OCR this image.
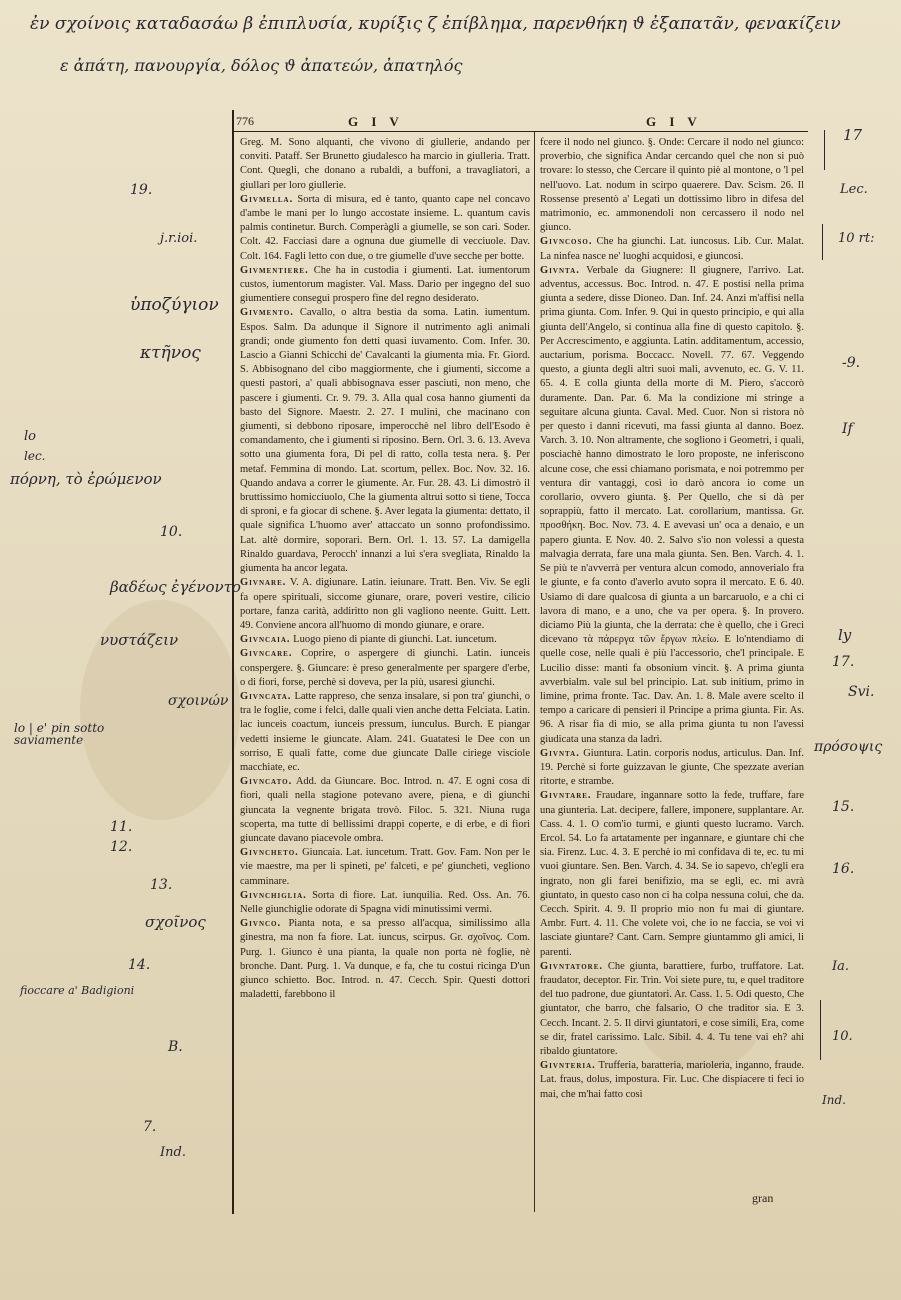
ἐν σχοίνοις καταδασάω β ἐπιπλυσία, κυρίξις ζ ἐπίβλημα, παρενθήκη ϑ ἐξαπατᾶν, φενακίζειν
ε ἀπάτη, πανουργία, δόλος ϑ ἀπατεών, ἀπατηλός
776	G I V	G I V

Greg. M. Sono alquanti, che vivono di giullerie, andando per conviti. Pataff. Ser Brunetto giudalesco ha marcio in giulleria. Tratt. Cont. Quegli, che donano a rubaldi, a buffoni, a travagliatori, a giullari per loro giullerie.

Givmella. Sorta di misura, ed è tanto, quanto cape nel concavo d'ambe le mani per lo lungo accostate insieme. L. quantum cavis palmis continetur. Burch. Comperàgli a giumelle, se son cari. Soder. Colt. 42. Facciasi dare a ognuna due giumelle di vecciuole. Dav. Colt. 164. Fagli letto con due, o tre giumelle d'uve secche per botte.

Givmentiere. Che ha in custodia i giumenti. Lat. iumentorum custos, iumentorum magister. Val. Mass. Dario per ingegno del suo giumentiere conseguì prospero fine del regno desiderato.

Givmento. Cavallo, o altra bestia da soma. Latin. iumentum. Espos. Salm. Da adunque il Signore il nutrimento agli animali grandi; onde giumento fon detti quasi iuvamento. Com. Infer. 30. Lascio a Gianni Schicchi de' Cavalcanti la giumenta mia. Fr. Giord. S. Abbisognano del cibo maggiormente, che i giumenti, siccome a questi pastori, a' quali abbisognava esser pasciuti, non meno, che pascere i giumenti. Cr. 9. 79. 3. Alla qual cosa hanno giumenti da basto del Signore. Maestr. 2. 27. I mulini, che macinano con giumenti, si debbono riposare, imperocchè nel libro dell'Esodo è comandamento, che i giumenti si riposino. Bern. Orl. 3. 6. 13. Aveva sotto una giumenta fora, Di pel di ratto, colla testa nera. §. Per metaf. Femmina di mondo. Lat. scortum, pellex. Boc. Nov. 32. 16. Quando andava a correr le giumente. Ar. Fur. 28. 43. Li dimostrò il bruttissimo homicciuolo, Che la giumenta altrui sotto sì tiene, Tocca di sproni, e fa giocar di schene. §. Aver legata la giumenta: dettato, il quale significa L'huomo aver' attaccato un sonno profondissimo. Lat. altè dormire, soporari. Bern. Orl. 1. 13. 57. La damigella Rinaldo guardava, Perocch' innanzi a lui s'era svegliata, Rinaldo la giumenta ha ancor legata.

Givnare. V. A. digiunare. Latin. ieiunare. Tratt. Ben. Viv. Se egli fa opere spirituali, siccome giunare, orare, poveri vestire, cilicio portare, fanza carità, addiritto non gli vagliono neente. Guitt. Lett. 49. Conviene ancora all'huomo di mondo giunare, e orare.

Givncaia. Luogo pieno di piante di giunchi. Lat. iuncetum.

Givncare. Coprire, o aspergere di giunchi. Latin. iunceis conspergere. §. Giuncare: è preso generalmente per spargere d'erbe, o di fiori, forse, perchè si doveva, per la più, usaresi giunchi.

Givncata. Latte rappreso, che senza insalare, si pon tra' giunchi, o tra le foglie, come i felci, dalle quali vien anche detta Felciata. Latin. lac iunceis coactum, iunceis pressum, iunculus. Burch. E piangar vedetti insieme le giuncate. Alam. 241. Guatatesi le Dee con un sorriso, E quali fatte, come due giuncate Dalle ciriege visciole macchiate, ec.

Givncato. Add. da Giuncare. Boc. Introd. n. 47. E ogni cosa di fiori, quali nella stagione potevano avere, piena, e di giunchi giuncata la vegnente brigata trovò. Filoc. 5. 321. Niuna ruga scoperta, ma tutte di bellissimi drappi coperte, e di erbe, e di fiori giuncate davano piacevole ombra.

Givncheto. Giuncaia. Lat. iuncetum. Tratt. Gov. Fam. Non per le vie maestre, ma per li spineti, pe' falceti, e pe' giuncheti, vegliono camminare.

Givnchiglia. Sorta di fiore. Lat. iunquilia. Red. Oss. An. 76. Nelle giunchiglie odorate di Spagna vidi minutissimi vermi.

Givnco. Pianta nota, e sa presso all'acqua, similissimo alla ginestra, ma non fa fiore. Lat. iuncus, scirpus. Gr. σχοῖνος. Com. Purg. 1. Giunco è una pianta, la quale non porta nè foglie, nè bronche. Dant. Purg. 1. Va dunque, e fa, che tu costui ricinga D'un giunco schietto. Boc. Introd. n. 47. Cecch. Spir. Questi dottori maladetti, farebbono il

fcere il nodo nel giunco. §. Onde: Cercare il nodo nel giunco: proverbio, che significa Andar cercando quel che non si può trovare: lo stesso, che Cercare il quinto piè al montone, o 'l pel nell'uovo. Lat. nodum in scirpo quaerere. Dav. Scism. 26. Il Rossense presentò a' Legati un dottissimo libro in difesa del matrimonio, ec. ammonendoli non cercassero il nodo nel giunco.

Givncoso. Che ha giunchi. Lat. iuncosus. Lib. Cur. Malat. La ninfea nasce ne' luoghi acquidosi, e giuncosi.

Givnta. Verbale da Giugnere: Il giugnere, l'arrivo. Lat. adventus, accessus. Boc. Introd. n. 47. E postisi nella prima giunta a sedere, disse Dioneo. Dan. Inf. 24. Anzi m'affisi nella prima giunta. Com. Infer. 9. Qui in questo principio, e qui alla giunta dell'Angelo, si continua alla fine di questo capitolo. §. Per Accrescimento, e aggiunta. Latin. additamentum, accessio, auctarium, porisma. Boccacc. Novell. 77. 67. Veggendo questo, a giunta degli altri suoi mali, avvenuto, ec. G. V. 11. 65. 4. E colla giunta della morte di M. Piero, s'accorò duramente. Dan. Par. 6. Ma la condizione mi stringe a seguitare alcuna giunta. Caval. Med. Cuor. Non si ristora nò per questo i danni ricevuti, ma fassi giunta al danno. Boez. Varch. 3. 10. Non altramente, che sogliono i Geometri, i quali, posciachè hanno dimostrato le loro proposte, ne inferiscono alcune cose, che essi chiamano porismata, e noi potremmo per ventura dir vantaggi, così io darò ancora io come un corollario, ovvero giunta. §. Per Quello, che si dà per soprappiù, fatto il mercato. Lat. corollarium, mantissa. Gr. προσθήκη. Boc. Nov. 73. 4. E avevasi un' oca a denaio, e un papero giunta. E Nov. 40. 2. Salvo s'io non volessi a questa malvagia derrata, fare una mala giunta. Sen. Ben. Varch. 4. 1. Se più te n'avverrà per ventura alcun comodo, annoverialo fra le giunte, e fa conto d'averlo avuto sopra il mercato. E 6. 40. Usiamo di dare qualcosa di giunta a un barcaruolo, e a chi ci lavora di mano, e a uno, che va per opera. §. In provero. diciamo Più la giunta, che la derrata: che è quello, che i Greci dicevano τὰ πάρεργα τῶν ἔργων πλείω. E lo'ntendiamo di quelle cose, nelle quali è più l'accessorio, che'l principale. E Lucilio disse: manti fa obsonium vincit. §. A prima giunta avverbialm. vale sul bel principio. Lat. sub initium, primo in limine, prima fronte. Tac. Dav. An. 1. 8. Male avere scelto il tempo a caricare di pensieri il Principe a prima giunta. Fir. As. 96. A risar fia di mio, se alla prima giunta tu non l'avessi giudicata una stanza da ladri.

Givnta. Giuntura. Latin. corporis nodus, articulus. Dan. Inf. 19. Perchè si forte guizzavan le giunte, Che spezzate averian ritorte, e strambe.

Givntare. Fraudare, ingannare sotto la fede, truffare, fare una giunteria. Lat. decipere, fallere, imponere, supplantare. Ar. Cass. 4. 1. O com'io turmi, e giunti questo lucramo. Varch. Ercol. 54. Lo fa artatamente per ingannare, e giuntare chi che sia. Firenz. Luc. 4. 3. E perchè io mi confidava di te, ec. tu mi vuoi giuntare. Sen. Ben. Varch. 4. 34. Se io sapevo, ch'egli era ingrato, non gli farei benifizio, ma se egli, ec. mi avrà giuntato, in questo caso non ci ha colpa nessuna colui, che da. Cecch. Spirit. 4. 9. Il proprio mio non fu mai di giuntare. Ambr. Furt. 4. 11. Che volete voi, che io ne faccia, se voi vi lasciate giuntare? Cant. Carn. Sempre giuntammo gli amici, li parenti.

Givntatore. Che giunta, barattiere, furbo, truffatore. Lat. fraudator, deceptor. Fir. Trin. Voi siete pure, tu, e quel traditore del tuo padrone, due giuntatori. Ar. Cass. 1. 5. Odi questo, Che giuntator, che barro, che falsario, O che traditor sia. E 3. Cecch. Incant. 2. 5. Il dirvi giuntatori, e cose simili, Era, come se dir, fratel carissimo. Lalc. Sibil. 4. 4. Tu tene vai eh? ahi ribaldo giuntatore.

Givnteria. Trufferia, baratteria, mariolerìa, inganno, fraude. Lat. fraus, dolus, impostura. Fir. Luc. Che dispiacere ti feci io mai, che m'hai fatto così

gran
19.
j.r.ioi.
ὑποζύγιον
κτῆνος
lo
lec.
πόρνη, τὸ ἐρώμενον
10.
βαδέως ἐγένοντο
νυστάζειν
σχοινών
lo | e' pin sotto saviamente
11.
12.
13.
σχοῖνος
14.
fioccare a' Badigioni
B.
7.
Ind.
17
Lec.
10 rt:
-9.
If
ly
17.
Svi.
πρόσοψις
15.
16.
Ia.
10.
Ind.
